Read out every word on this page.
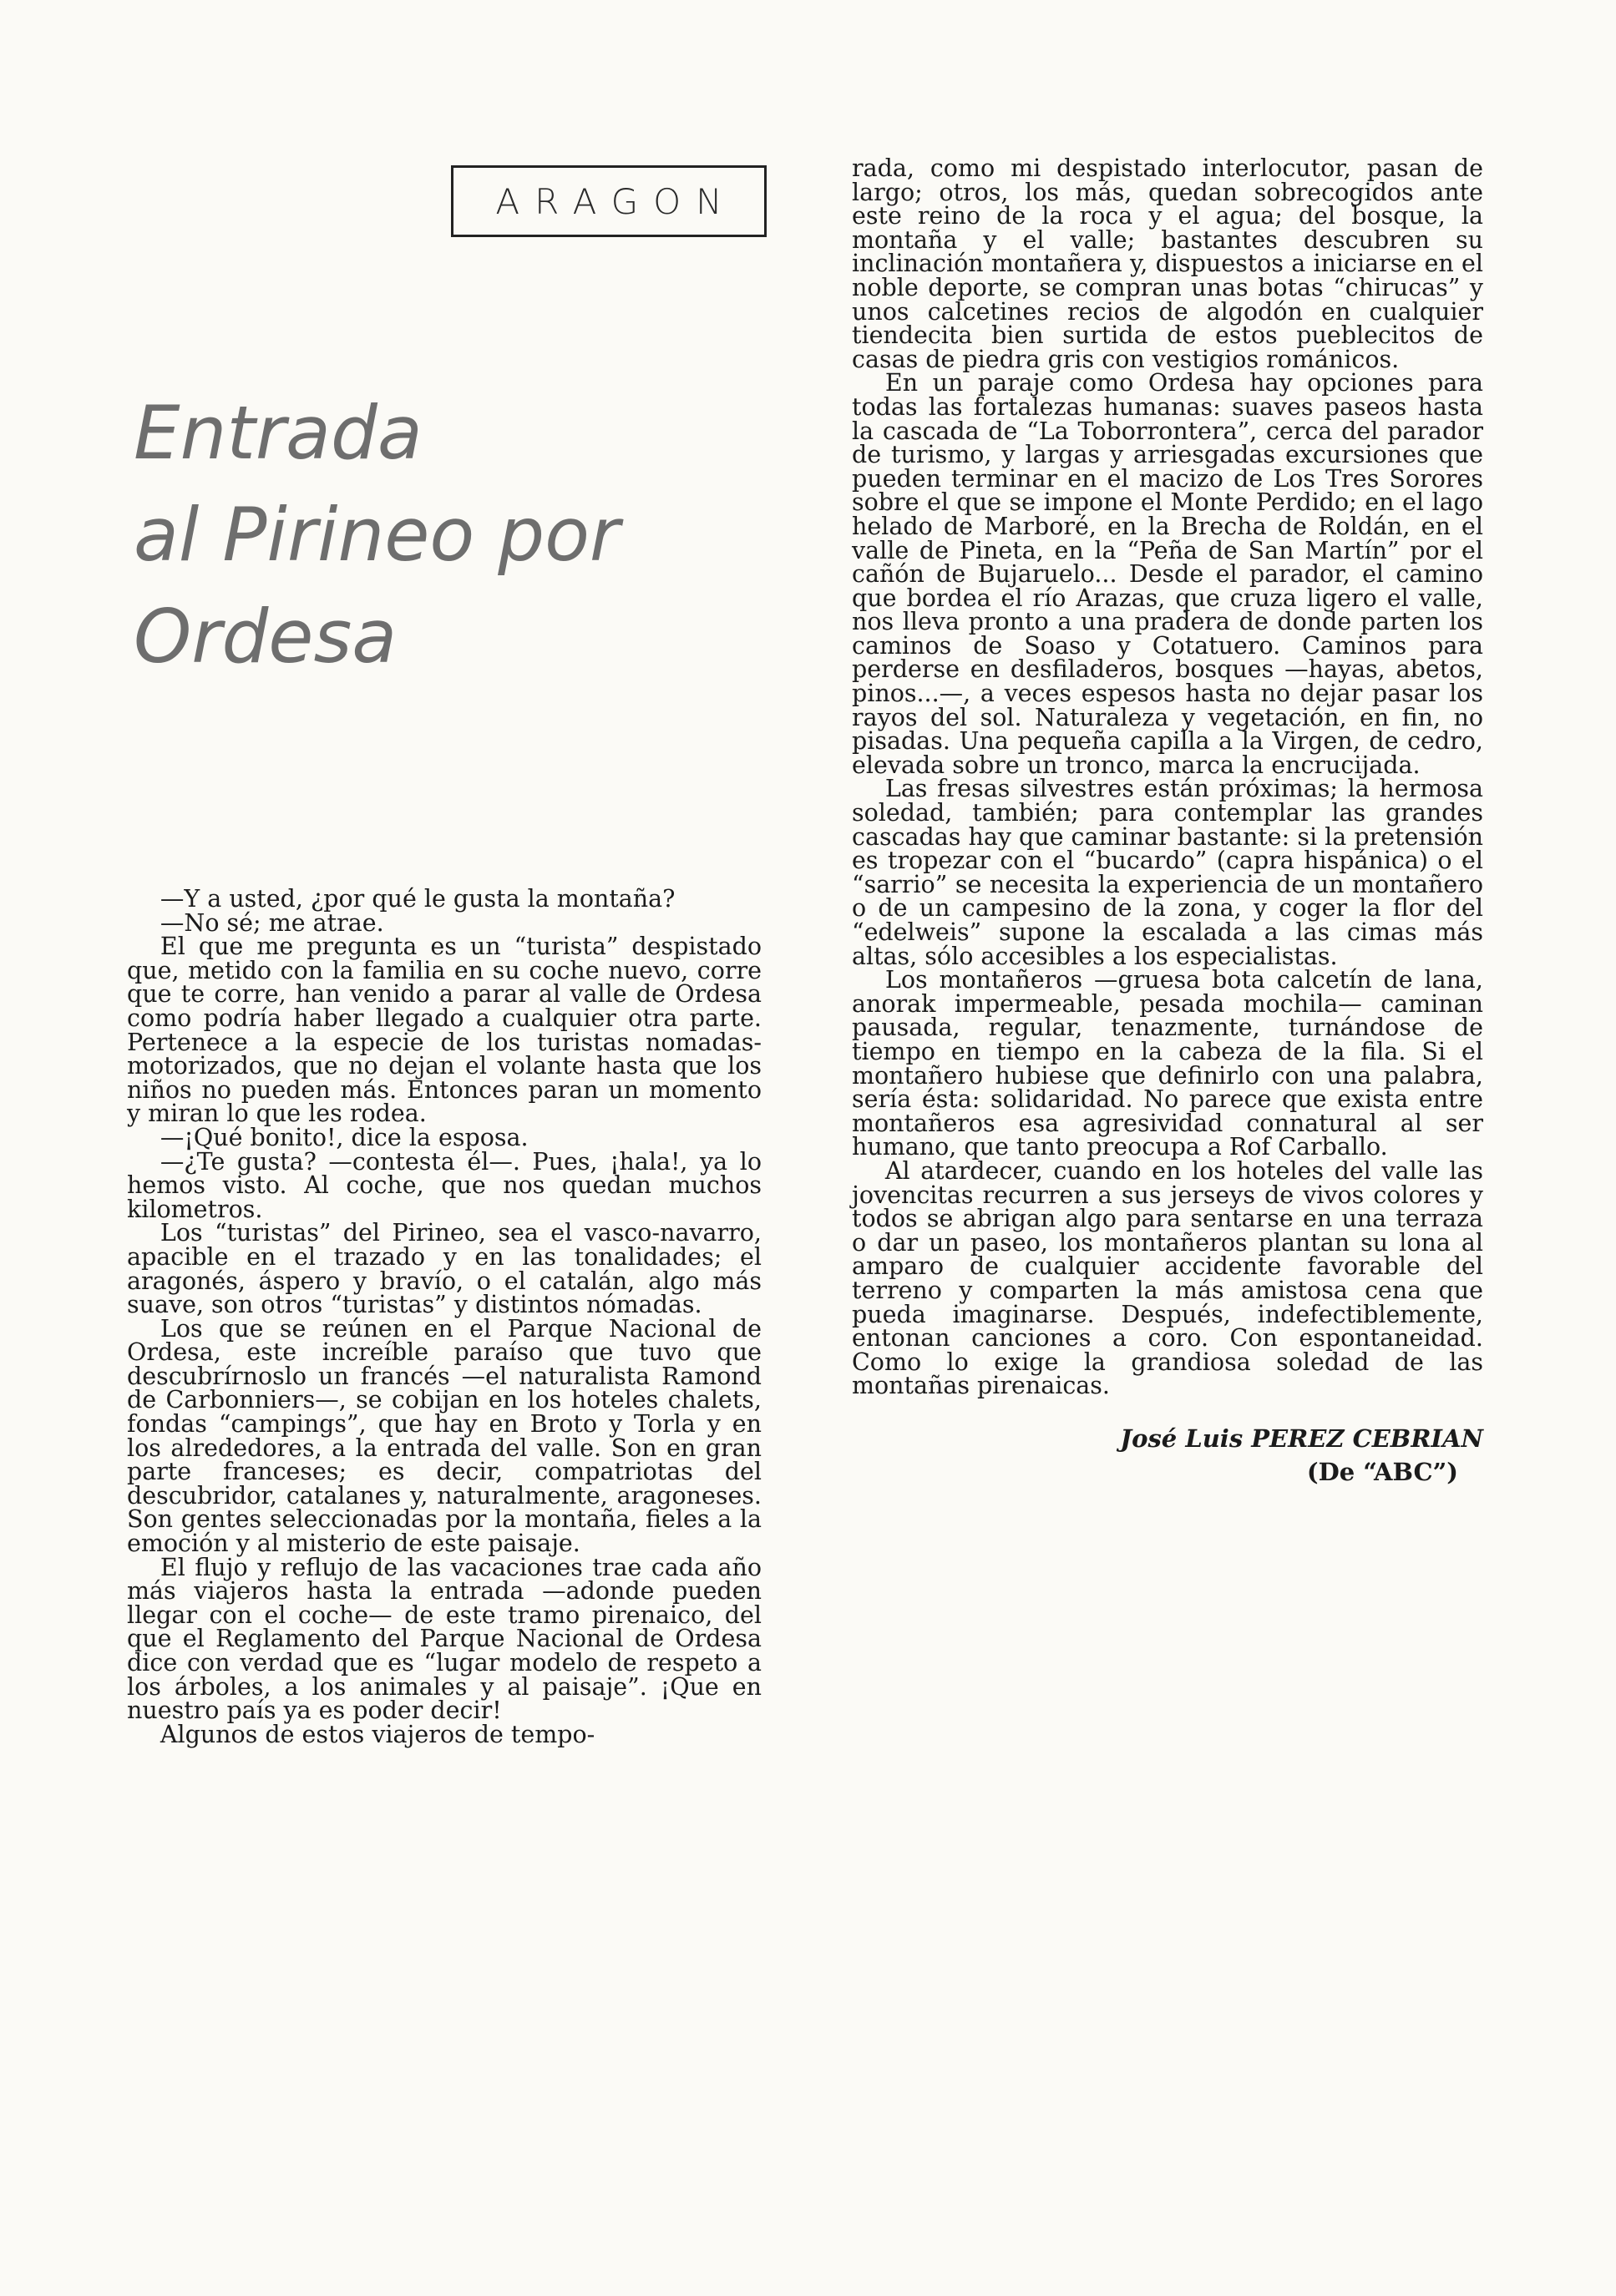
ARAGON
Entrada
al Pirineo por
Ordesa

—Y a usted, ¿por qué le gusta la montaña?

—No sé; me atrae.

El que me pregunta es un “turista” despistado que, metido con la familia en su coche nuevo, corre que te corre, han venido a parar al valle de Ordesa como podría haber llegado a cualquier otra parte. Pertenece a la especie de los turistas nomadas-motorizados, que no dejan el volante hasta que los niños no pueden más. Entonces paran un momento y miran lo que les rodea.

—¡Qué bonito!, dice la esposa.

—¿Te gusta? —contesta él—. Pues, ¡hala!, ya lo hemos visto. Al coche, que nos quedan muchos kilometros.

Los “turistas” del Pirineo, sea el vasco-navarro, apacible en el trazado y en las tonalidades; el aragonés, áspero y bravío, o el catalán, algo más suave, son otros “turistas” y distintos nómadas.

Los que se reúnen en el Parque Nacional de Ordesa, este increíble paraíso que tuvo que descubrírnoslo un francés —el naturalista Ramond de Carbonniers—, se cobijan en los hoteles chalets, fondas “campings”, que hay en Broto y Torla y en los alrededores, a la entrada del valle. Son en gran parte franceses; es decir, compatriotas del descubridor, catalanes y, naturalmente, aragoneses. Son gentes seleccionadas por la montaña, fieles a la emoción y al misterio de este paisaje.

El flujo y reflujo de las vacaciones trae cada año más viajeros hasta la entrada —adonde pueden llegar con el coche— de este tramo pirenaico, del que el Reglamento del Parque Nacional de Ordesa dice con verdad que es “lugar modelo de respeto a los árboles, a los animales y al paisaje”. ¡Que en nuestro país ya es poder decir!

Algunos de estos viajeros de tempo-

rada, como mi despistado interlocutor, pasan de largo; otros, los más, quedan sobrecogidos ante este reino de la roca y el agua; del bosque, la montaña y el valle; bastantes descubren su inclinación montañera y, dispuestos a iniciarse en el noble deporte, se compran unas botas “chirucas” y unos calcetines recios de algodón en cualquier tiendecita bien surtida de estos pueblecitos de casas de piedra gris con vestigios románicos.

En un paraje como Ordesa hay opciones para todas las fortalezas humanas: suaves paseos hasta la cascada de “La Toborrontera”, cerca del parador de turismo, y largas y arriesgadas excursiones que pueden terminar en el macizo de Los Tres Sorores sobre el que se impone el Monte Perdido; en el lago helado de Marboré, en la Brecha de Roldán, en el valle de Pineta, en la “Peña de San Martín” por el cañón de Bujaruelo... Desde el parador, el camino que bordea el río Arazas, que cruza ligero el valle, nos lleva pronto a una pradera de donde parten los caminos de Soaso y Cotatuero. Caminos para perderse en desfiladeros, bosques —hayas, abetos, pinos...—, a veces espesos hasta no dejar pasar los rayos del sol. Naturaleza y vegetación, en fin, no pisadas. Una pequeña capilla a la Virgen, de cedro, elevada sobre un tronco, marca la encrucijada.

Las fresas silvestres están próximas; la hermosa soledad, también; para contemplar las grandes cascadas hay que caminar bastante: si la pretensión es tropezar con el “bucardo” (capra hispánica) o el “sarrio” se necesita la experiencia de un montañero o de un campesino de la zona, y coger la flor del “edelweis” supone la escalada a las cimas más altas, sólo accesibles a los especialistas.

Los montañeros —gruesa bota calcetín de lana, anorak impermeable, pesada mochila— caminan pausada, regular, tenazmente, turnándose de tiempo en tiempo en la cabeza de la fila. Si el montañero hubiese que definirlo con una palabra, sería ésta: solidaridad. No parece que exista entre montañeros esa agresividad connatural al ser humano, que tanto preocupa a Rof Carballo.

Al atardecer, cuando en los hoteles del valle las jovencitas recurren a sus jerseys de vivos colores y todos se abrigan algo para sentarse en una terraza o dar un paseo, los montañeros plantan su lona al amparo de cualquier accidente favorable del terreno y comparten la más amistosa cena que pueda imaginarse. Después, indefectiblemente, entonan canciones a coro. Con espontaneidad. Como lo exige la grandiosa soledad de las montañas pirenaicas.

José Luis PEREZ CEBRIAN
(De “ABC”)
